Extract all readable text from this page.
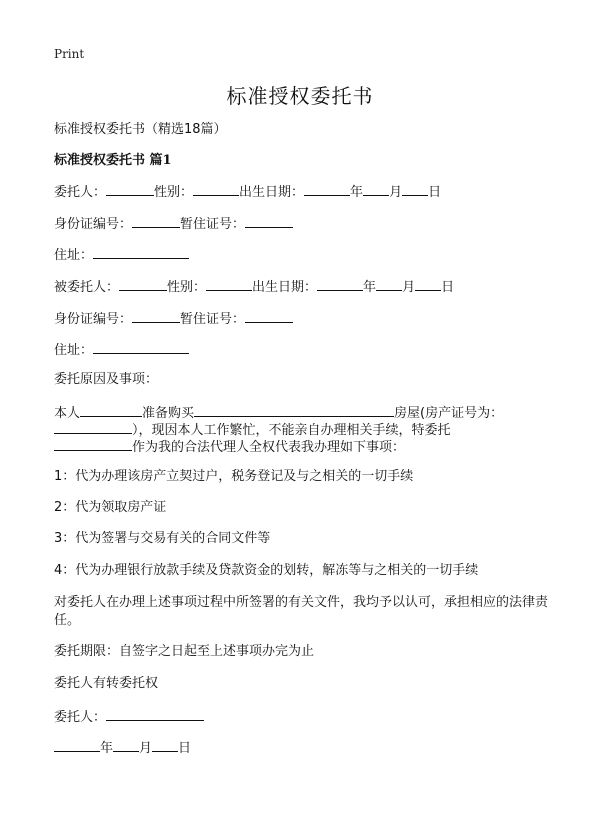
Print
标准授权委托书
标准授权委托书（精选18篇）
标准授权委托书 篇1
委托人：	性别：	出生日期：	年 月 日
身份证编号：	暂住证号：
住址：
被委托人：	性别：	出生日期：	年 月 日
身份证编号：	暂住证号：
住址：
委托原因及事项：
本人	准备购买	房屋(房产证号为：
），现因本人工作繁忙，不能亲自办理相关手续，特委托
作为我的合法代理人全权代表我办理如下事项：
1：代为办理该房产立契过户，税务登记及与之相关的一切手续
2：代为领取房产证
3：代为签署与交易有关的合同文件等
4：代为办理银行放款手续及贷款资金的划转，解冻等与之相关的一切手续
对委托人在办理上述事项过程中所签署的有关文件，我均予以认可，承担相应的法律责任。
委托期限：自签字之日起至上述事项办完为止
委托人有转委托权
委托人：
年 月 日
